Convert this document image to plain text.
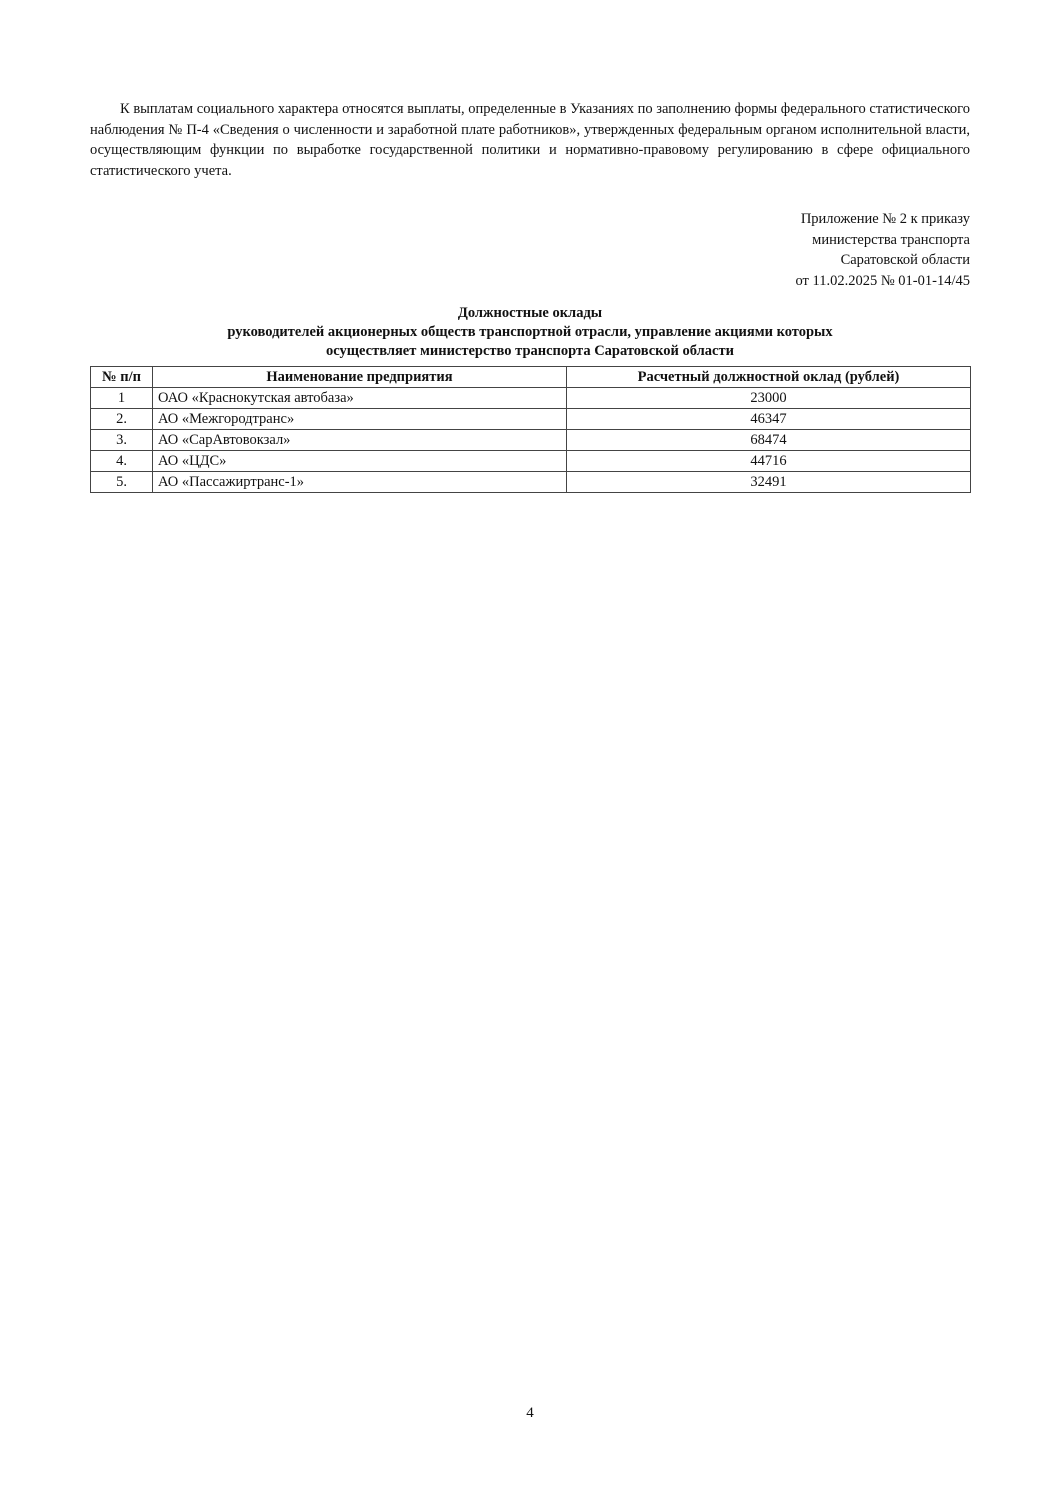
К выплатам социального характера относятся выплаты, определенные в Указаниях по заполнению формы федерального статистического наблюдения № П-4 «Сведения о численности и заработной плате работников», утвержденных федеральным органом исполнительной власти, осуществляющим функции по выработке государственной политики и нормативно-правовому регулированию в сфере официального статистического учета.

Приложение № 2 к приказу
министерства транспорта
Саратовской области
от 11.02.2025 № 01-01-14/45
Должностные оклады
руководителей акционерных обществ транспортной отрасли, управление акциями которых
осуществляет министерство транспорта Саратовской области
№ п/п	Наименование предприятия	Расчетный должностной оклад (рублей)
1	ОАО «Краснокутская автобаза»	23000
2.	АО «Межгородтранс»	46347
3.	АО «СарАвтовокзал»	68474
4.	АО «ЦДС»	44716
5.	АО «Пассажиртранс-1»	32491
4
